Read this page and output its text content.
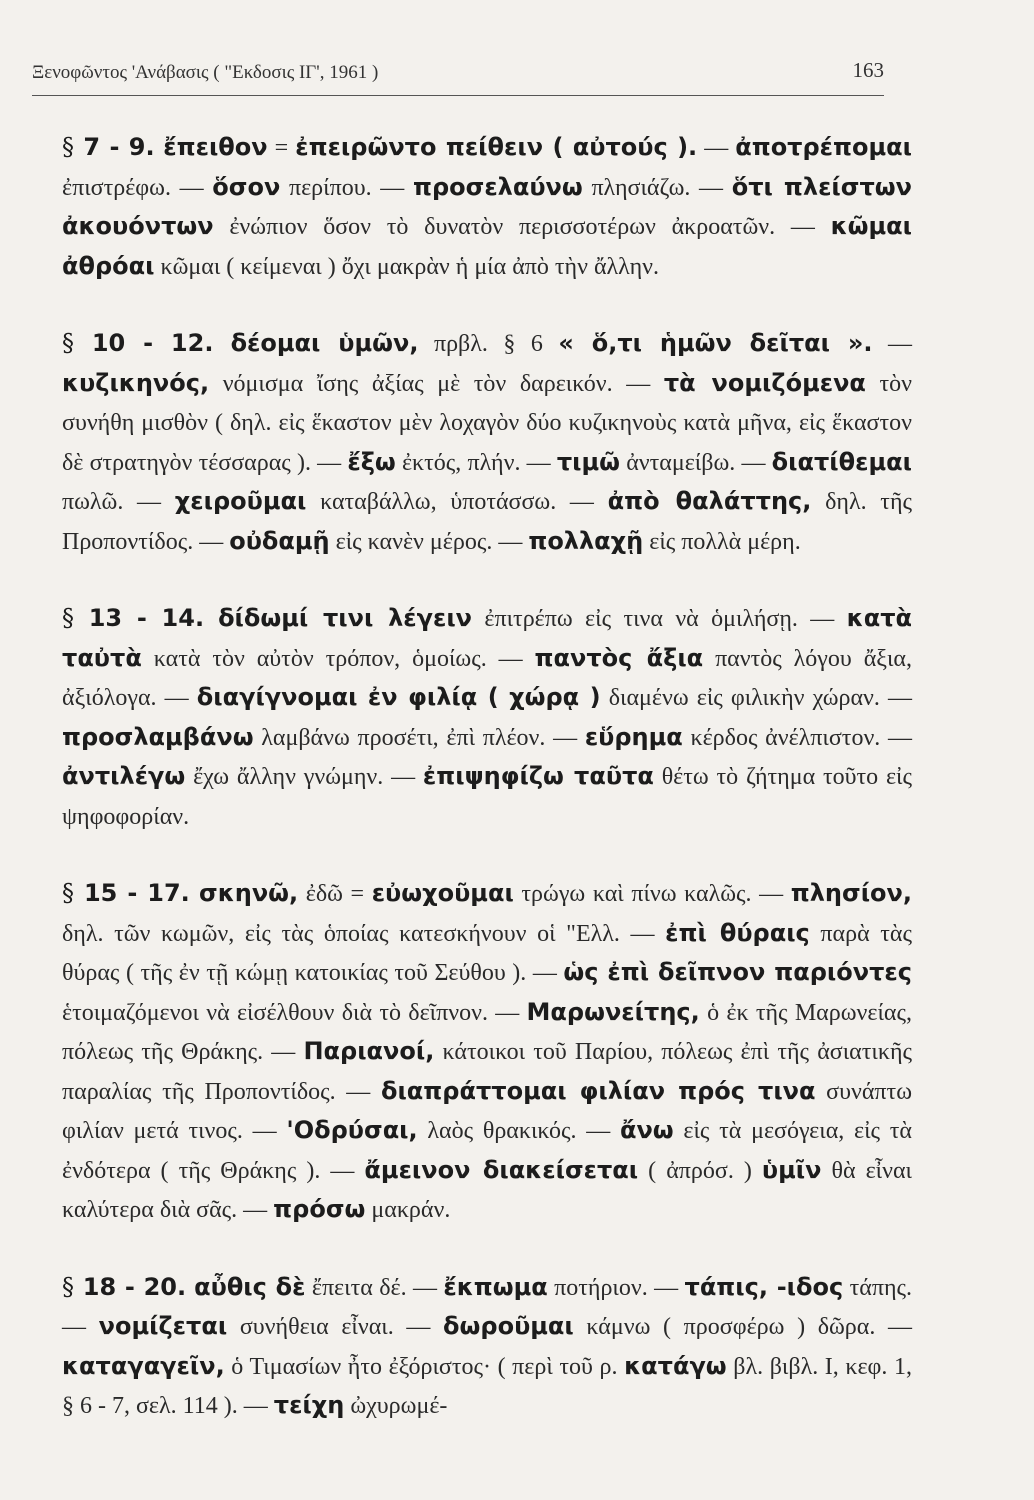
Ξενοφῶντος 'Ανάβασις ( "Εκδοσις ΙΓ', 1961 )	163

§ 7 - 9. ἔπειθον = ἐπειρῶντο πείθειν ( αὐτούς ). — ἀποτρέπομαι ἐπιστρέφω. — ὅσον περίπου. — προσελαύνω πλησιάζω. — ὅτι πλείστων ἀκουόντων ἐνώπιον ὅσον τὸ δυνατὸν περισσοτέρων ἀκροατῶν. — κῶμαι ἀθρόαι κῶμαι ( κείμεναι ) ὄχι μακρὰν ἡ μία ἀπὸ τὴν ἄλλην.

§ 10 - 12. δέομαι ὑμῶν, πρβλ. § 6 « ὅ,τι ἡμῶν δεῖται ». — κυζικηνός, νόμισμα ἴσης ἀξίας μὲ τὸν δαρεικόν. — τὰ νομιζόμενα τὸν συνήθη μισθὸν ( δηλ. εἰς ἕκαστον μὲν λοχαγὸν δύο κυζικηνοὺς κατὰ μῆνα, εἰς ἕκαστον δὲ στρατηγὸν τέσσαρας ). — ἔξω ἐκτός, πλήν. — τιμῶ ἀνταμείβω. — διατίθεμαι πωλῶ. — χειροῦμαι καταβάλλω, ὑποτάσσω. — ἀπὸ θαλάττης, δηλ. τῆς Προποντίδος. — οὐδαμῇ εἰς κανὲν μέρος. — πολλαχῇ εἰς πολλὰ μέρη.

§ 13 - 14. δίδωμί τινι λέγειν ἐπιτρέπω εἰς τινα νὰ ὁμιλήσῃ. — κατὰ ταὐτὰ κατὰ τὸν αὐτὸν τρόπον, ὁμοίως. — παντὸς ἄξια παντὸς λόγου ἄξια, ἀξιόλογα. — διαγίγνομαι ἐν φιλίᾳ ( χώρᾳ ) διαμένω εἰς φιλικὴν χώραν. — προσλαμβάνω λαμβάνω προσέτι, ἐπὶ πλέον. — εὕρημα κέρδος ἀνέλπιστον. — ἀντιλέγω ἔχω ἄλλην γνώμην. — ἐπιψηφίζω ταῦτα θέτω τὸ ζήτημα τοῦτο εἰς ψηφοφορίαν.

§ 15 - 17. σκηνῶ, ἐδῶ = εὐωχοῦμαι τρώγω καὶ πίνω καλῶς. — πλησίον, δηλ. τῶν κωμῶν, εἰς τὰς ὁποίας κατεσκήνουν οἱ "Ελλ. — ἐπὶ θύραις παρὰ τὰς θύρας ( τῆς ἐν τῇ κώμῃ κατοικίας τοῦ Σεύθου ). — ὡς ἐπὶ δεῖπνον παριόντες ἑτοιμαζόμενοι νὰ εἰσέλθουν διὰ τὸ δεῖπνον. — Μαρωνείτης, ὁ ἐκ τῆς Μαρωνείας, πόλεως τῆς Θράκης. — Παριανοί, κάτοικοι τοῦ Παρίου, πόλεως ἐπὶ τῆς ἀσιατικῆς παραλίας τῆς Προποντίδος. — διαπράττομαι φιλίαν πρός τινα συνάπτω φιλίαν μετά τινος. — 'Οδρύσαι, λαὸς θρακικός. — ἄνω εἰς τὰ μεσόγεια, εἰς τὰ ἐνδότερα ( τῆς Θράκης ). — ἄμεινον διακείσεται ( ἀπρόσ. ) ὑμῖν θὰ εἶναι καλύτερα διὰ σᾶς. — πρόσω μακράν.

§ 18 - 20. αὖθις δὲ ἔπειτα δέ. — ἔκπωμα ποτήριον. — τάπις, -ιδος τάπης. — νομίζεται συνήθεια εἶναι. — δωροῦμαι κάμνω ( προσφέρω ) δῶρα. — καταγαγεῖν, ὁ Τιμασίων ἦτο ἐξόριστος· ( περὶ τοῦ ρ. κατάγω βλ. βιβλ. Ι, κεφ. 1, § 6 - 7, σελ. 114 ). — τείχη ὠχυρωμέ-
